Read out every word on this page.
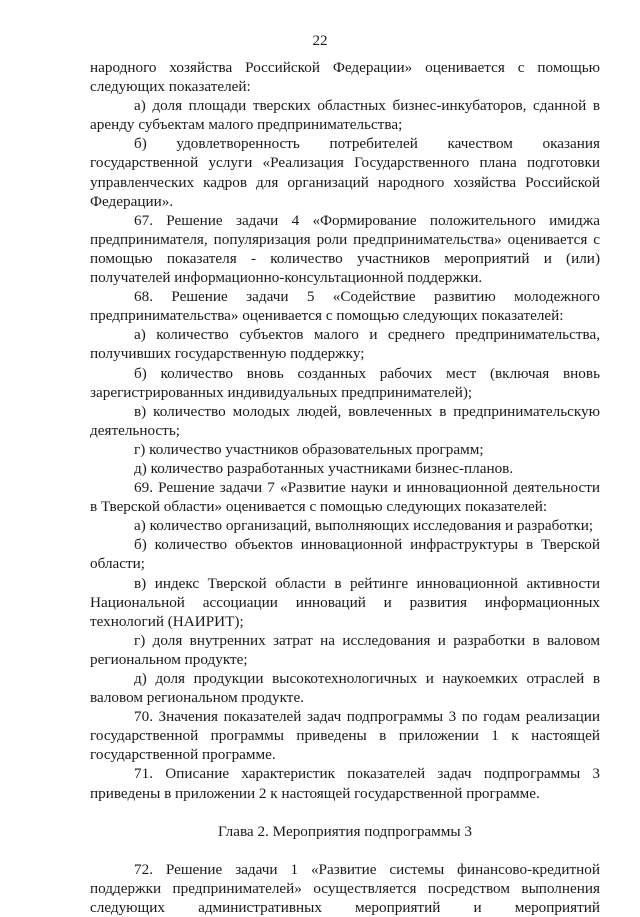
22

народного хозяйства Российской Федерации» оценивается с помощью следующих показателей:

а) доля площади тверских областных бизнес-инкубаторов, сданной в аренду субъектам малого предпринимательства;

б) удовлетворенность потребителей качеством оказания государственной услуги «Реализация Государственного плана подготовки управленческих кадров для организаций народного хозяйства Российской Федерации».

67. Решение задачи 4 «Формирование положительного имиджа предпринимателя, популяризация роли предпринимательства» оценивается с помощью показателя - количество участников мероприятий и (или) получателей информационно-консультационной поддержки.

68. Решение задачи 5 «Содействие развитию молодежного предпринимательства» оценивается с помощью следующих показателей:

а) количество субъектов малого и среднего предпринимательства, получивших государственную поддержку;

б) количество вновь созданных рабочих мест (включая вновь зарегистрированных индивидуальных предпринимателей);

в) количество молодых людей, вовлеченных в предпринимательскую деятельность;

г) количество участников образовательных программ;

д) количество разработанных участниками бизнес-планов.

69. Решение задачи 7 «Развитие науки и инновационной деятельности в Тверской области» оценивается с помощью следующих показателей:

а) количество организаций, выполняющих исследования и разработки;

б) количество объектов инновационной инфраструктуры в Тверской области;

в) индекс Тверской области в рейтинге инновационной активности Национальной ассоциации инноваций и развития информационных технологий (НАИРИТ);

г) доля внутренних затрат на исследования и разработки в валовом региональном продукте;

д) доля продукции высокотехнологичных и наукоемких отраслей в валовом региональном продукте.

70. Значения показателей задач подпрограммы 3 по годам реализации государственной программы приведены в приложении 1 к настоящей государственной программе.

71. Описание характеристик показателей задач подпрограммы 3 приведены в приложении 2 к настоящей государственной программе.

Глава 2. Мероприятия подпрограммы 3

72. Решение задачи 1 «Развитие системы финансово-кредитной поддержки предпринимателей» осуществляется посредством выполнения следующих административных мероприятий и мероприятий
